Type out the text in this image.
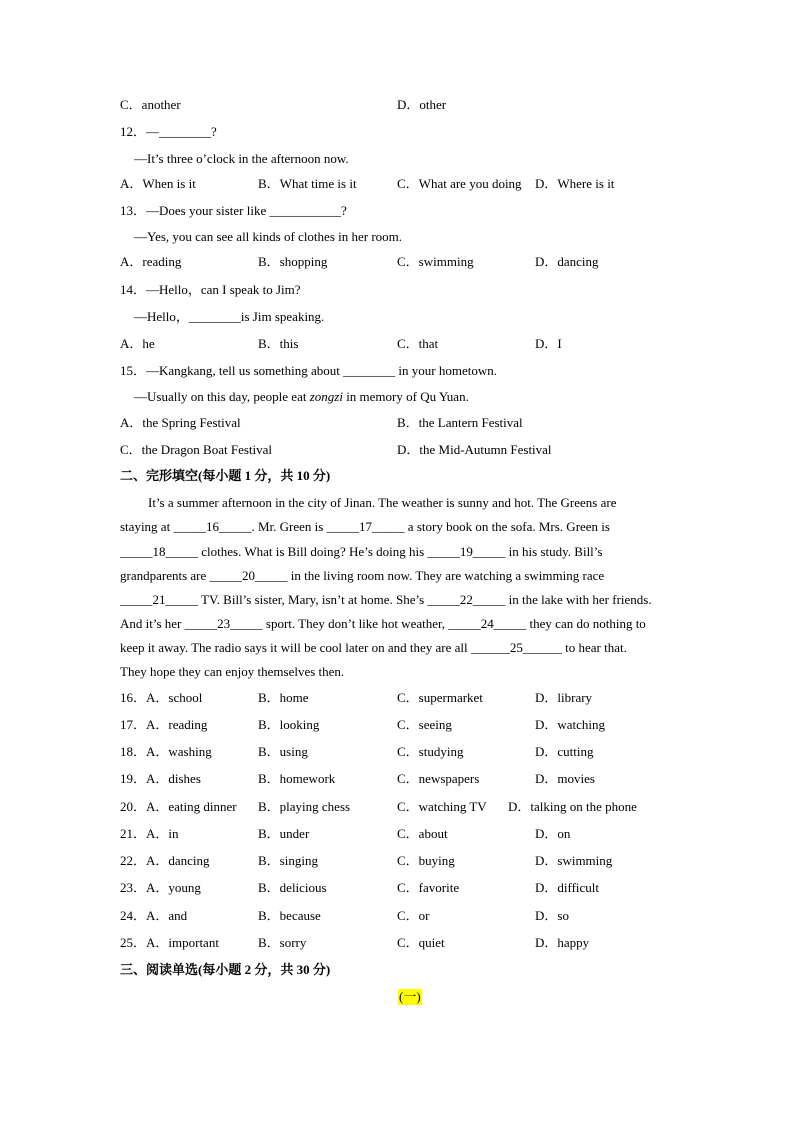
C．another	D．other
12．—________?
—It’s three o’clock in the afternoon now.
A．When is it	B．What time is it	C．What are you doing D．Where is it
13．—Does your sister like ___________?
—Yes, you can see all kinds of clothes in her room.
A．reading	B．shopping	C．swimming	D．dancing
14．—Hello，can I speak to Jim?
—Hello，________is Jim speaking.
A．he	B．this	C．that	D．I
15．—Kangkang, tell us something about ________ in your hometown.
—Usually on this day, people eat zongzi in memory of Qu Yuan.
A．the Spring Festival	B．the Lantern Festival
C．the Dragon Boat Festival	D．the Mid-Autumn Festival
二、完形填空(每小题 1 分，共 10 分)
It’s a summer afternoon in the city of Jinan. The weather is sunny and hot. The Greens are
staying at _____16_____. Mr. Green is _____17_____ a story book on the sofa. Mrs. Green is
_____18_____ clothes. What is Bill doing? He’s doing his _____19_____ in his study. Bill’s
grandparents are _____20_____ in the living room now. They are watching a swimming race
_____21_____ TV. Bill’s sister, Mary, isn’t at home. She’s _____22_____ in the lake with her friends.
And it’s her _____23_____ sport. They don’t like hot weather, _____24_____ they can do nothing to
keep it away. The radio says it will be cool later on and they are all ______25______ to hear that.
They hope they can enjoy themselves then.
16．A．school	B．home	C．supermarket	D．library
17．A．reading	B．looking	C．seeing	D．watching
18．A．washing	B．using	C．studying	D．cutting
19．A．dishes	B．homework	C．newspapers	D．movies
20．A．eating dinner B．playing chess	C．watching TV D．talking on the phone
21．A．in	B．under	C．about	D．on
22．A．dancing	B．singing	C．buying	D．swimming
23．A．young	B．delicious	C．favorite	D．difficult
24．A．and	B．because	C．or	D．so
25．A．important	B．sorry	C．quiet	D．happy
三、阅读单选(每小题 2 分，共 30 分)
(一)
